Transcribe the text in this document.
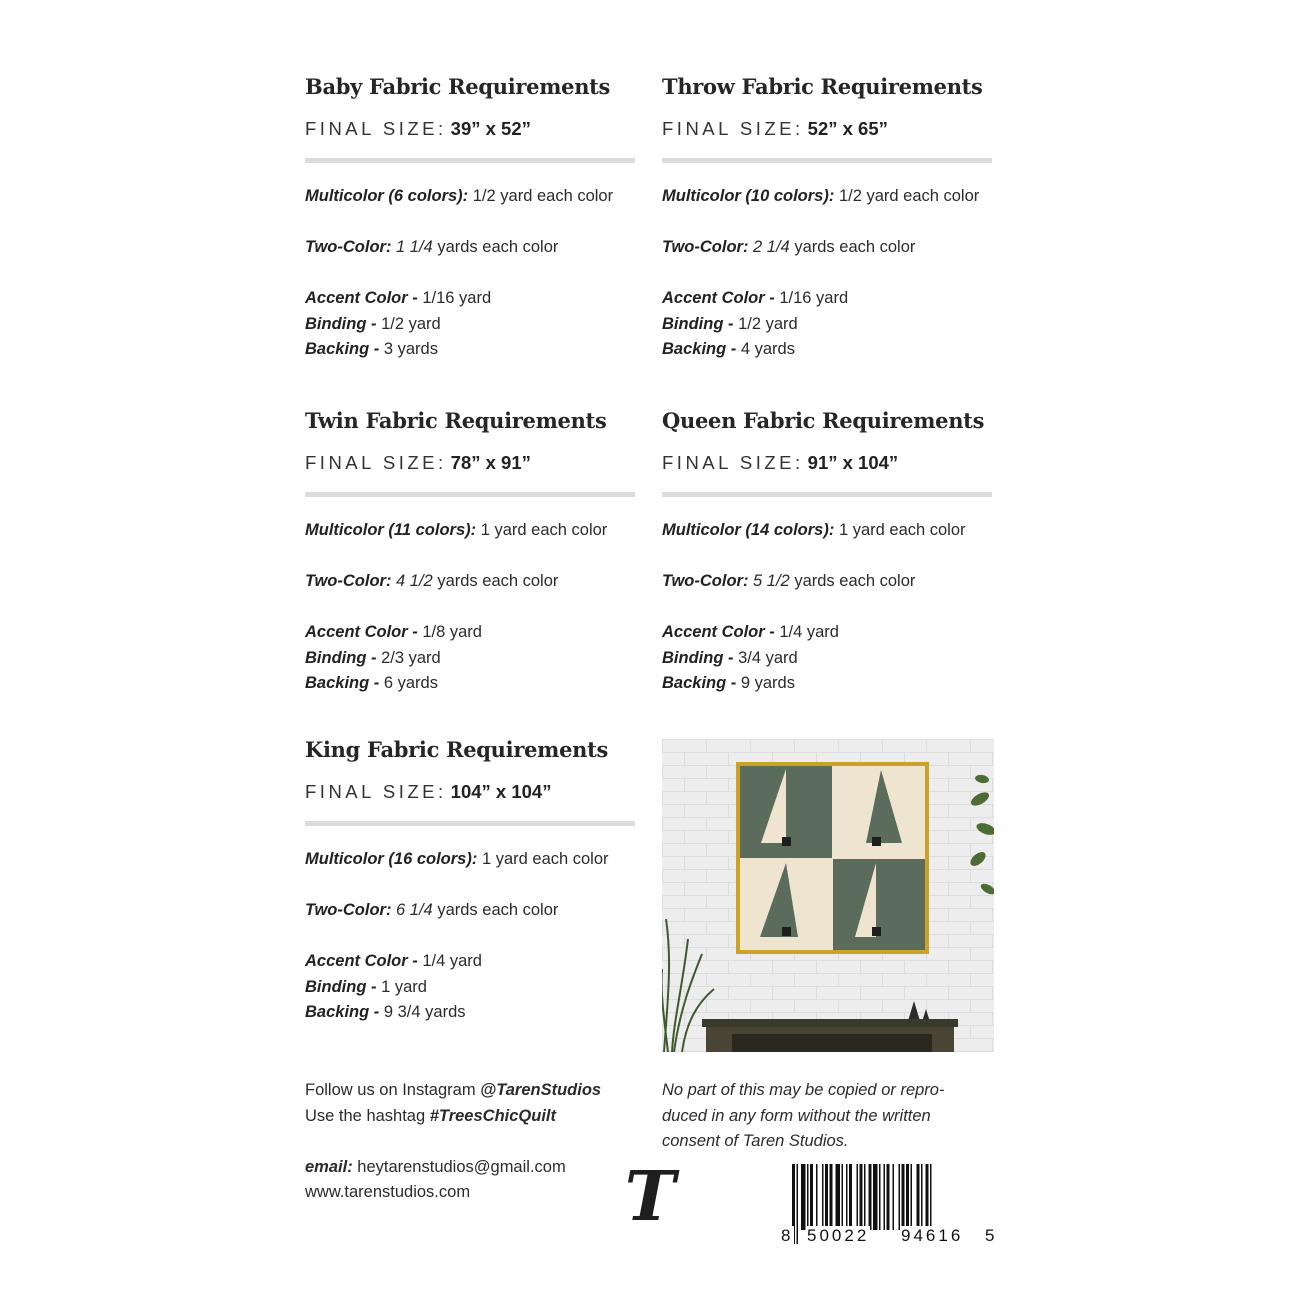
Baby Fabric Requirements
FINAL SIZE: 39” x 52”
Multicolor (6 colors): 1/2 yard each color
Two-Color: 1 1/4 yards each color
Accent Color - 1/16 yard
Binding - 1/2 yard
Backing - 3 yards
Throw Fabric Requirements
FINAL SIZE: 52” x 65”
Multicolor (10 colors): 1/2 yard each color
Two-Color: 2 1/4 yards each color
Accent Color - 1/16 yard
Binding - 1/2 yard
Backing - 4 yards
Twin Fabric Requirements
FINAL SIZE: 78” x 91”
Multicolor (11 colors): 1 yard each color
Two-Color: 4 1/2 yards each color
Accent Color - 1/8 yard
Binding - 2/3 yard
Backing - 6 yards
Queen Fabric Requirements
FINAL SIZE: 91” x 104”
Multicolor (14 colors): 1 yard each color
Two-Color: 5 1/2 yards each color
Accent Color - 1/4 yard
Binding - 3/4 yard
Backing - 9 yards
King Fabric Requirements
FINAL SIZE: 104” x 104”
Multicolor (16 colors): 1 yard each color
Two-Color: 6 1/4 yards each color
Accent Color - 1/4 yard
Binding - 1 yard
Backing - 9 3/4 yards
Follow us on Instagram @TarenStudios
Use the hashtag #TreesChicQuilt
email: heytarenstudios@gmail.com
www.tarenstudios.com
No part of this may be copied or repro-
duced in any form without the written
consent of Taren Studios.
T	8 50022 94616 5
